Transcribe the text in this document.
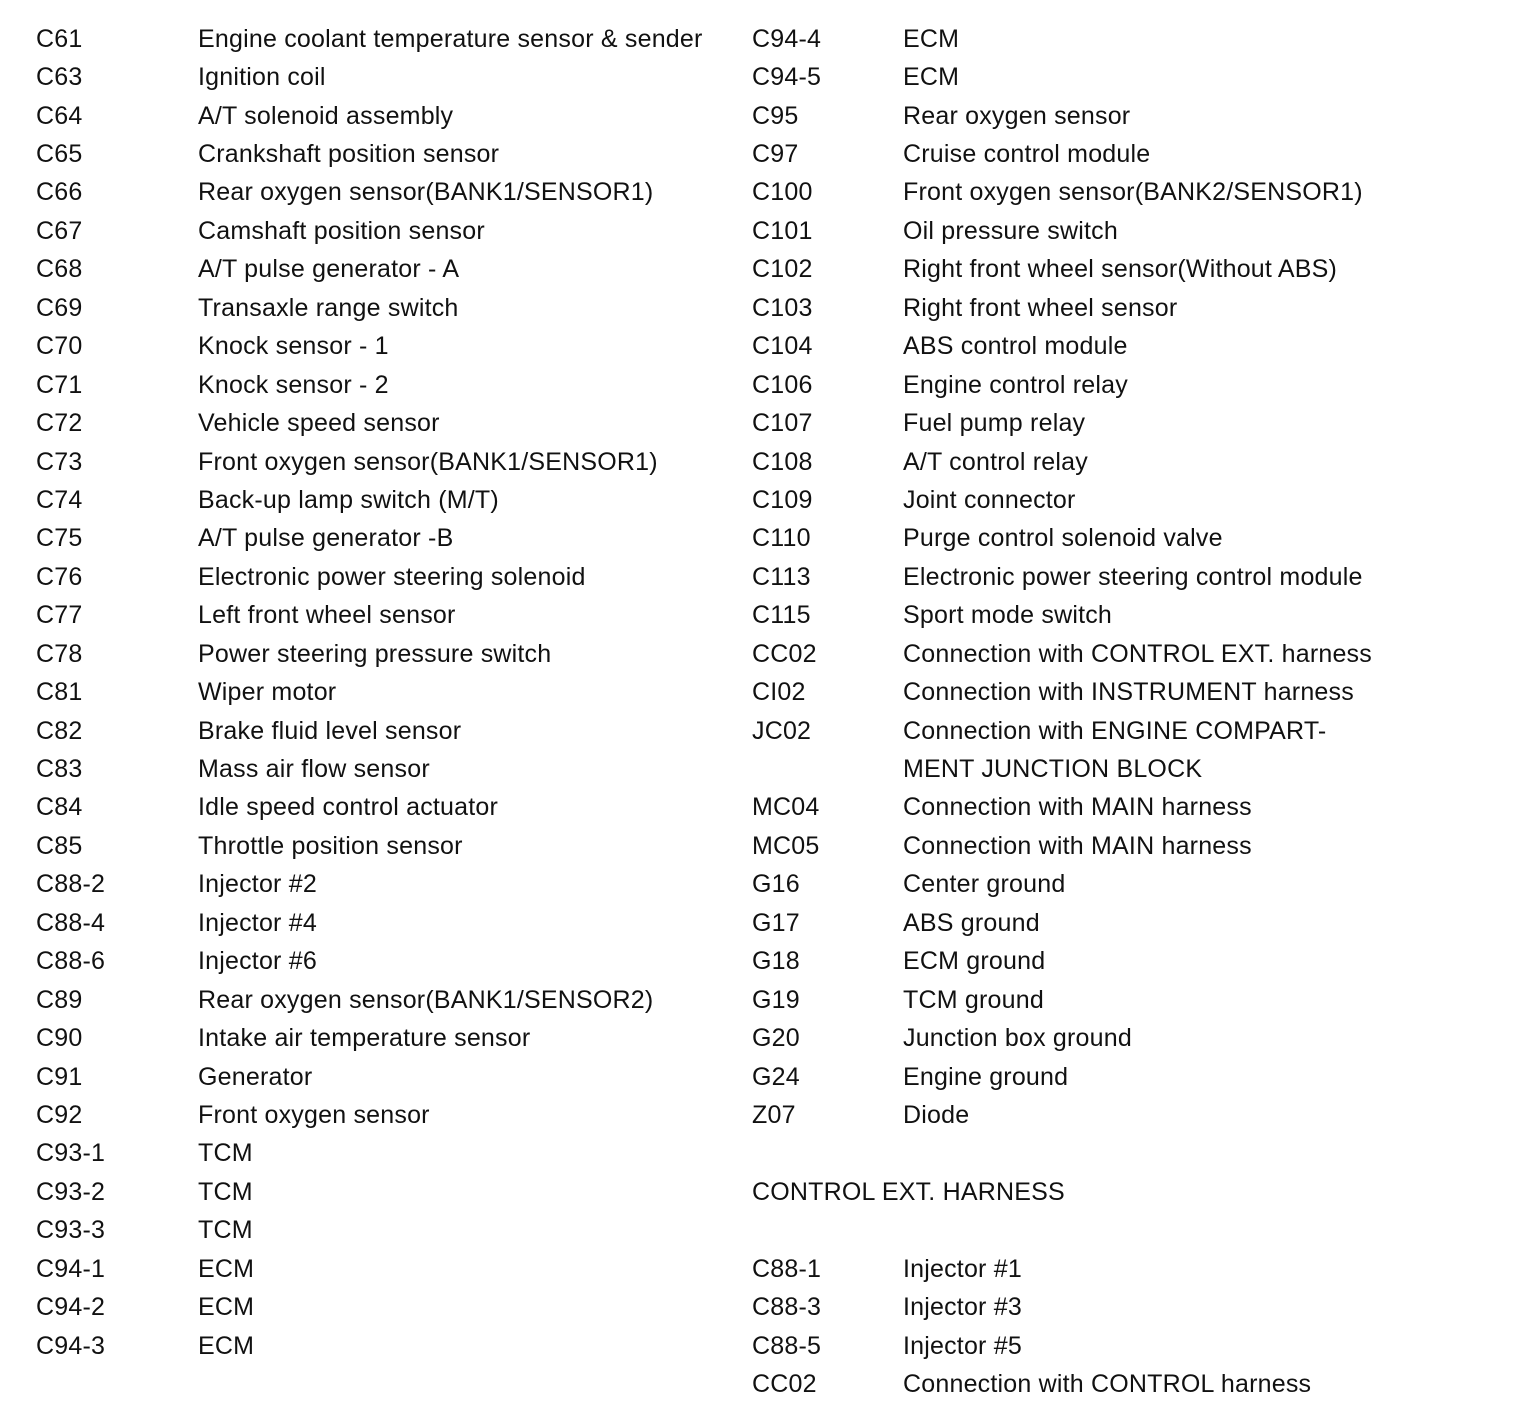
C61	Engine coolant temperature sensor & sender
C63	Ignition coil
C64	A/T solenoid assembly
C65	Crankshaft position sensor
C66	Rear oxygen sensor(BANK1/SENSOR1)
C67	Camshaft position sensor
C68	A/T pulse generator - A
C69	Transaxle range switch
C70	Knock sensor - 1
C71	Knock sensor - 2
C72	Vehicle speed sensor
C73	Front oxygen sensor(BANK1/SENSOR1)
C74	Back-up lamp switch (M/T)
C75	A/T pulse generator -B
C76	Electronic power steering solenoid
C77	Left front wheel sensor
C78	Power steering pressure switch
C81	Wiper motor
C82	Brake fluid level sensor
C83	Mass air flow sensor
C84	Idle speed control actuator
C85	Throttle position sensor
C88-2	Injector #2
C88-4	Injector #4
C88-6	Injector #6
C89	Rear oxygen sensor(BANK1/SENSOR2)
C90	Intake air temperature sensor
C91	Generator
C92	Front oxygen sensor
C93-1	TCM
C93-2	TCM
C93-3	TCM
C94-1	ECM
C94-2	ECM
C94-3	ECM
C94-4	ECM
C94-5	ECM
C95	Rear oxygen sensor
C97	Cruise control module
C100	Front oxygen sensor(BANK2/SENSOR1)
C101	Oil pressure switch
C102	Right front wheel sensor(Without ABS)
C103	Right front wheel sensor
C104	ABS control module
C106	Engine control relay
C107	Fuel pump relay
C108	A/T control relay
C109	Joint connector
C110	Purge control solenoid valve
C113	Electronic power steering control module
C115	Sport mode switch
CC02	Connection with CONTROL EXT. harness
CI02	Connection with INSTRUMENT harness
JC02	Connection with ENGINE COMPART-
MENT JUNCTION BLOCK
MC04	Connection with MAIN harness
MC05	Connection with MAIN harness
G16	Center ground
G17	ABS ground
G18	ECM ground
G19	TCM ground
G20	Junction box ground
G24	Engine ground
Z07	Diode
CONTROL EXT. HARNESS
C88-1	Injector #1
C88-3	Injector #3
C88-5	Injector #5
CC02	Connection with CONTROL harness
